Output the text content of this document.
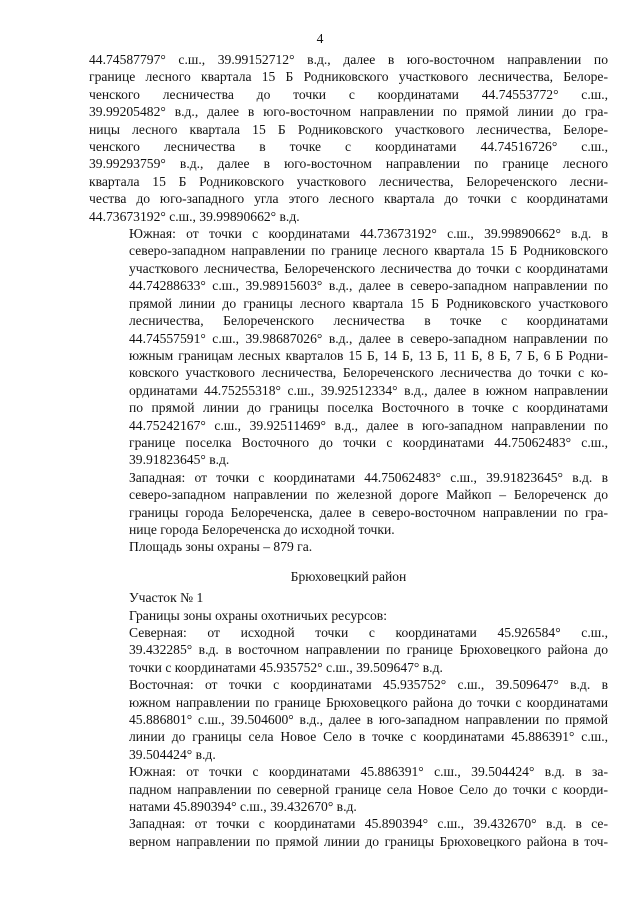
4

44.74587797° с.ш., 39.99152712° в.д., далее в юго-восточном направлении по
границе лесного квартала 15 Б Родниковского участкового лесничества, Белоре-
ченского лесничества до точки с координатами 44.74553772° с.ш.,
39.99205482° в.д., далее в юго-восточном направлении по прямой линии до гра-
ницы лесного квартала 15 Б Родниковского участкового лесничества, Белоре-
ченского лесничества в точке с координатами 44.74516726° с.ш.,
39.99293759° в.д., далее в юго-восточном направлении по границе лесного
квартала 15 Б Родниковского участкового лесничества, Белореченского лесни-
чества до юго-западного угла этого лесного квартала до точки с координатами
44.73673192° с.ш., 39.99890662° в.д.

Южная: от точки с координатами 44.73673192° с.ш., 39.99890662° в.д. в
северо-западном направлении по границе лесного квартала 15 Б Родниковского
участкового лесничества, Белореченского лесничества до точки с координатами
44.74288633° с.ш., 39.98915603° в.д., далее в северо-западном направлении по
прямой линии до границы лесного квартала 15 Б Родниковского участкового
лесничества, Белореченского лесничества в точке с координатами
44.74557591° с.ш., 39.98687026° в.д., далее в северо-западном направлении по
южным границам лесных кварталов 15 Б, 14 Б, 13 Б, 11 Б, 8 Б, 7 Б, 6 Б Родни-
ковского участкового лесничества, Белореченского лесничества до точки с ко-
ординатами 44.75255318° с.ш., 39.92512334° в.д., далее в южном направлении
по прямой линии до границы поселка Восточного в точке с координатами
44.75242167° с.ш., 39.92511469° в.д., далее в юго-западном направлении по
границе поселка Восточного до точки с координатами 44.75062483° с.ш.,
39.91823645° в.д.

Западная: от точки с координатами 44.75062483° с.ш., 39.91823645° в.д. в
северо-западном направлении по железной дороге Майкоп – Белореченск до
границы города Белореченска, далее в северо-восточном направлении по гра-
нице города Белореченска до исходной точки.

Площадь зоны охраны – 879 га.

Брюховецкий район

Участок № 1

Границы зоны охраны охотничьих ресурсов:

Северная: от исходной точки с координатами 45.926584° с.ш.,
39.432285° в.д. в восточном направлении по границе Брюховецкого района до
точки с координатами 45.935752° с.ш., 39.509647° в.д.

Восточная: от точки с координатами 45.935752° с.ш., 39.509647° в.д. в
южном направлении по границе Брюховецкого района до точки с координатами
45.886801° с.ш., 39.504600° в.д., далее в юго-западном направлении по прямой
линии до границы села Новое Село в точке с координатами 45.886391° с.ш.,
39.504424° в.д.

Южная: от точки с координатами 45.886391° с.ш., 39.504424° в.д. в за-
падном направлении по северной границе села Новое Село до точки с коорди-
натами 45.890394° с.ш., 39.432670° в.д.

Западная: от точки с координатами 45.890394° с.ш., 39.432670° в.д. в се-
верном направлении по прямой линии до границы Брюховецкого района в точ-
